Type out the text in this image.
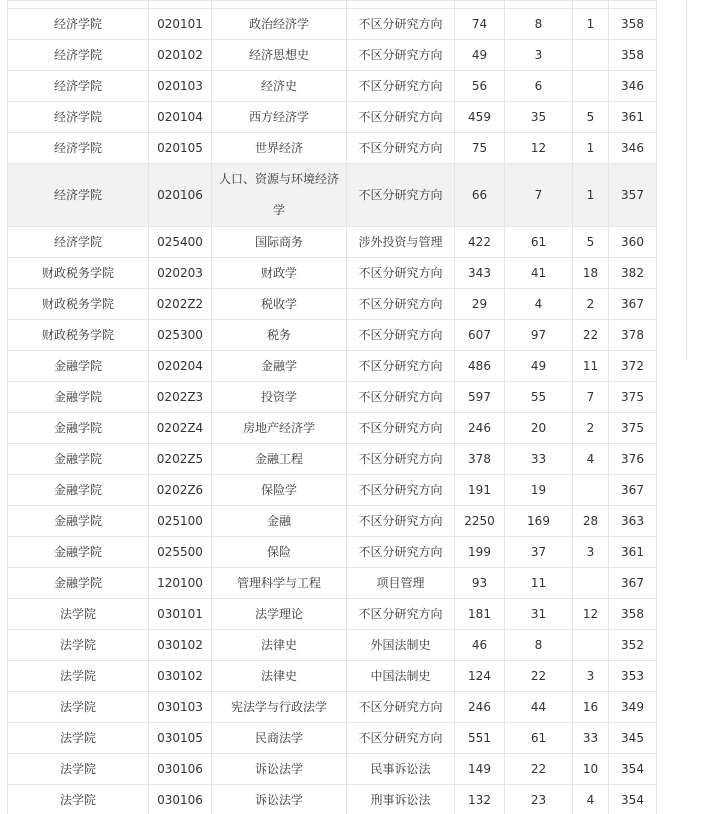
经济学院	020101	政治经济学	不区分研究方向	74	8	1	358
经济学院	020102	经济思想史	不区分研究方向	49	3		358
经济学院	020103	经济史	不区分研究方向	56	6		346
经济学院	020104	西方经济学	不区分研究方向	459	35	5	361
经济学院	020105	世界经济	不区分研究方向	75	12	1	346
经济学院	020106	人口、资源与环境经济学	不区分研究方向	66	7	1	357
经济学院	025400	国际商务	涉外投资与管理	422	61	5	360
财政税务学院	020203	财政学	不区分研究方向	343	41	18	382
财政税务学院	0202Z2	税收学	不区分研究方向	29	4	2	367
财政税务学院	025300	税务	不区分研究方向	607	97	22	378
金融学院	020204	金融学	不区分研究方向	486	49	11	372
金融学院	0202Z3	投资学	不区分研究方向	597	55	7	375
金融学院	0202Z4	房地产经济学	不区分研究方向	246	20	2	375
金融学院	0202Z5	金融工程	不区分研究方向	378	33	4	376
金融学院	0202Z6	保险学	不区分研究方向	191	19		367
金融学院	025100	金融	不区分研究方向	2250	169	28	363
金融学院	025500	保险	不区分研究方向	199	37	3	361
金融学院	120100	管理科学与工程	项目管理	93	11		367
法学院	030101	法学理论	不区分研究方向	181	31	12	358
法学院	030102	法律史	外国法制史	46	8		352
法学院	030102	法律史	中国法制史	124	22	3	353
法学院	030103	宪法学与行政法学	不区分研究方向	246	44	16	349
法学院	030105	民商法学	不区分研究方向	551	61	33	345
法学院	030106	诉讼法学	民事诉讼法	149	22	10	354
法学院	030106	诉讼法学	刑事诉讼法	132	23	4	354
